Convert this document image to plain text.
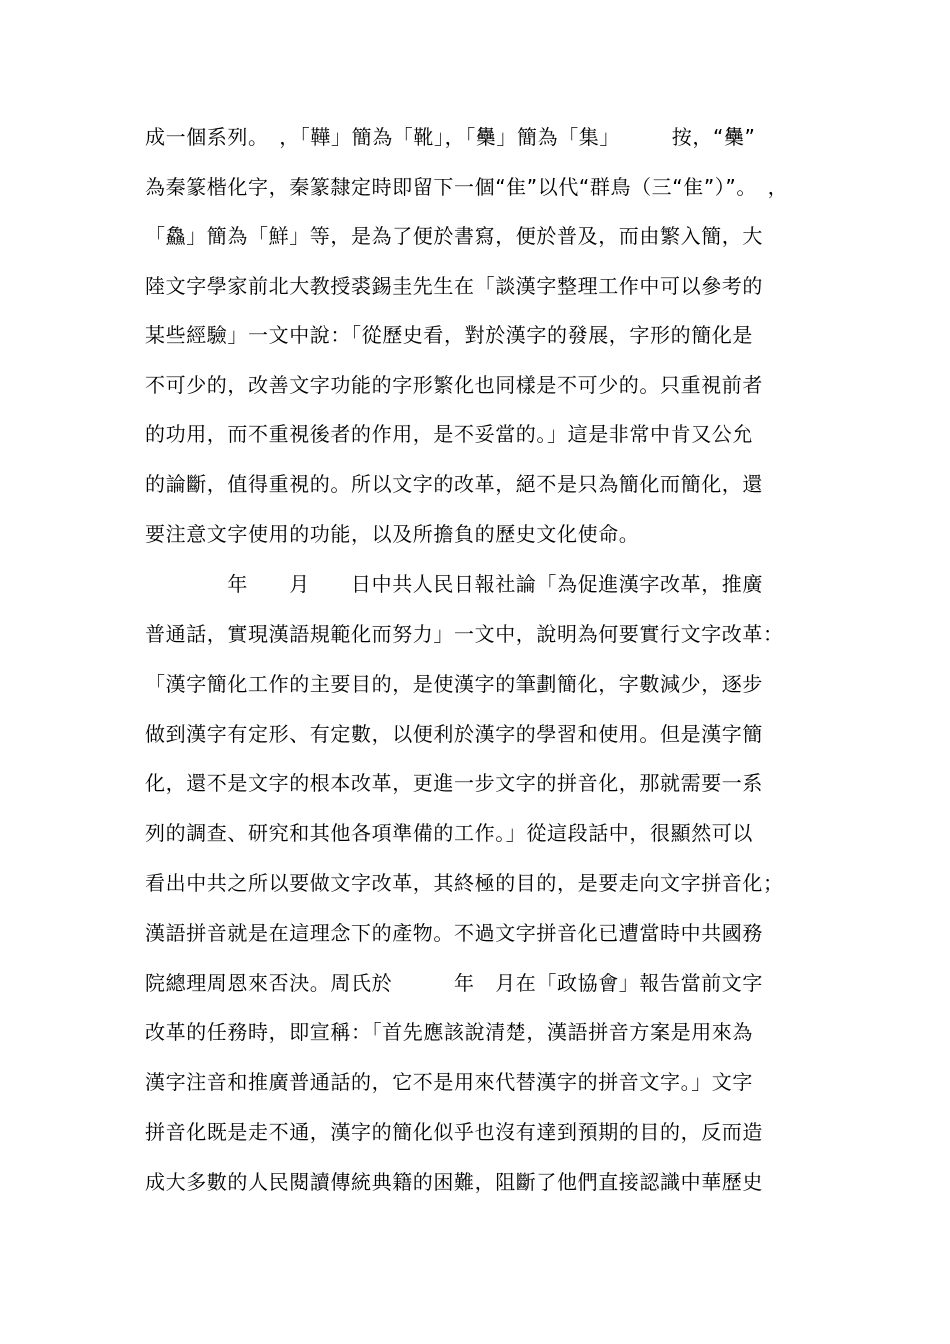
成一個系列。　，「鞾」簡為「靴」，「雧」簡為「集」　　　按，“雧”
為秦篆楷化字，秦篆隸定時即留下一個“隹”以代“群鳥（三“隹”）”。　，
「鱻」簡為「鮮」等，是為了便於書寫，便於普及，而由繁入簡，大
陸文字學家前北大教授裘錫圭先生在「談漢字整理工作中可以參考的
某些經驗」一文中說：「從歷史看，對於漢字的發展，字形的簡化是
不可少的，改善文字功能的字形繁化也同樣是不可少的。只重視前者
的功用，而不重視後者的作用，是不妥當的。」這是非常中肯又公允
的論斷，值得重視的。所以文字的改革，絕不是只為簡化而簡化，還
要注意文字使用的功能，以及所擔負的歷史文化使命。
　　　　年　　月　　日中共人民日報社論「為促進漢字改革，推廣
普通話，實現漢語規範化而努力」一文中，說明為何要實行文字改革：
「漢字簡化工作的主要目的，是使漢字的筆劃簡化，字數減少，逐步
做到漢字有定形、有定數，以便利於漢字的學習和使用。但是漢字簡
化，還不是文字的根本改革，更進一步文字的拼音化，那就需要一系
列的調查、研究和其他各項準備的工作。」從這段話中，很顯然可以
看出中共之所以要做文字改革，其終極的目的，是要走向文字拼音化；
漢語拼音就是在這理念下的產物。不過文字拼音化已遭當時中共國務
院總理周恩來否決。周氏於　　　年　月在「政協會」報告當前文字
改革的任務時，即宣稱：「首先應該說清楚，漢語拼音方案是用來為
漢字注音和推廣普通話的，它不是用來代替漢字的拼音文字。」文字
拼音化既是走不通，漢字的簡化似乎也沒有達到預期的目的，反而造
成大多數的人民閱讀傳統典籍的困難，阻斷了他們直接認識中華歷史
